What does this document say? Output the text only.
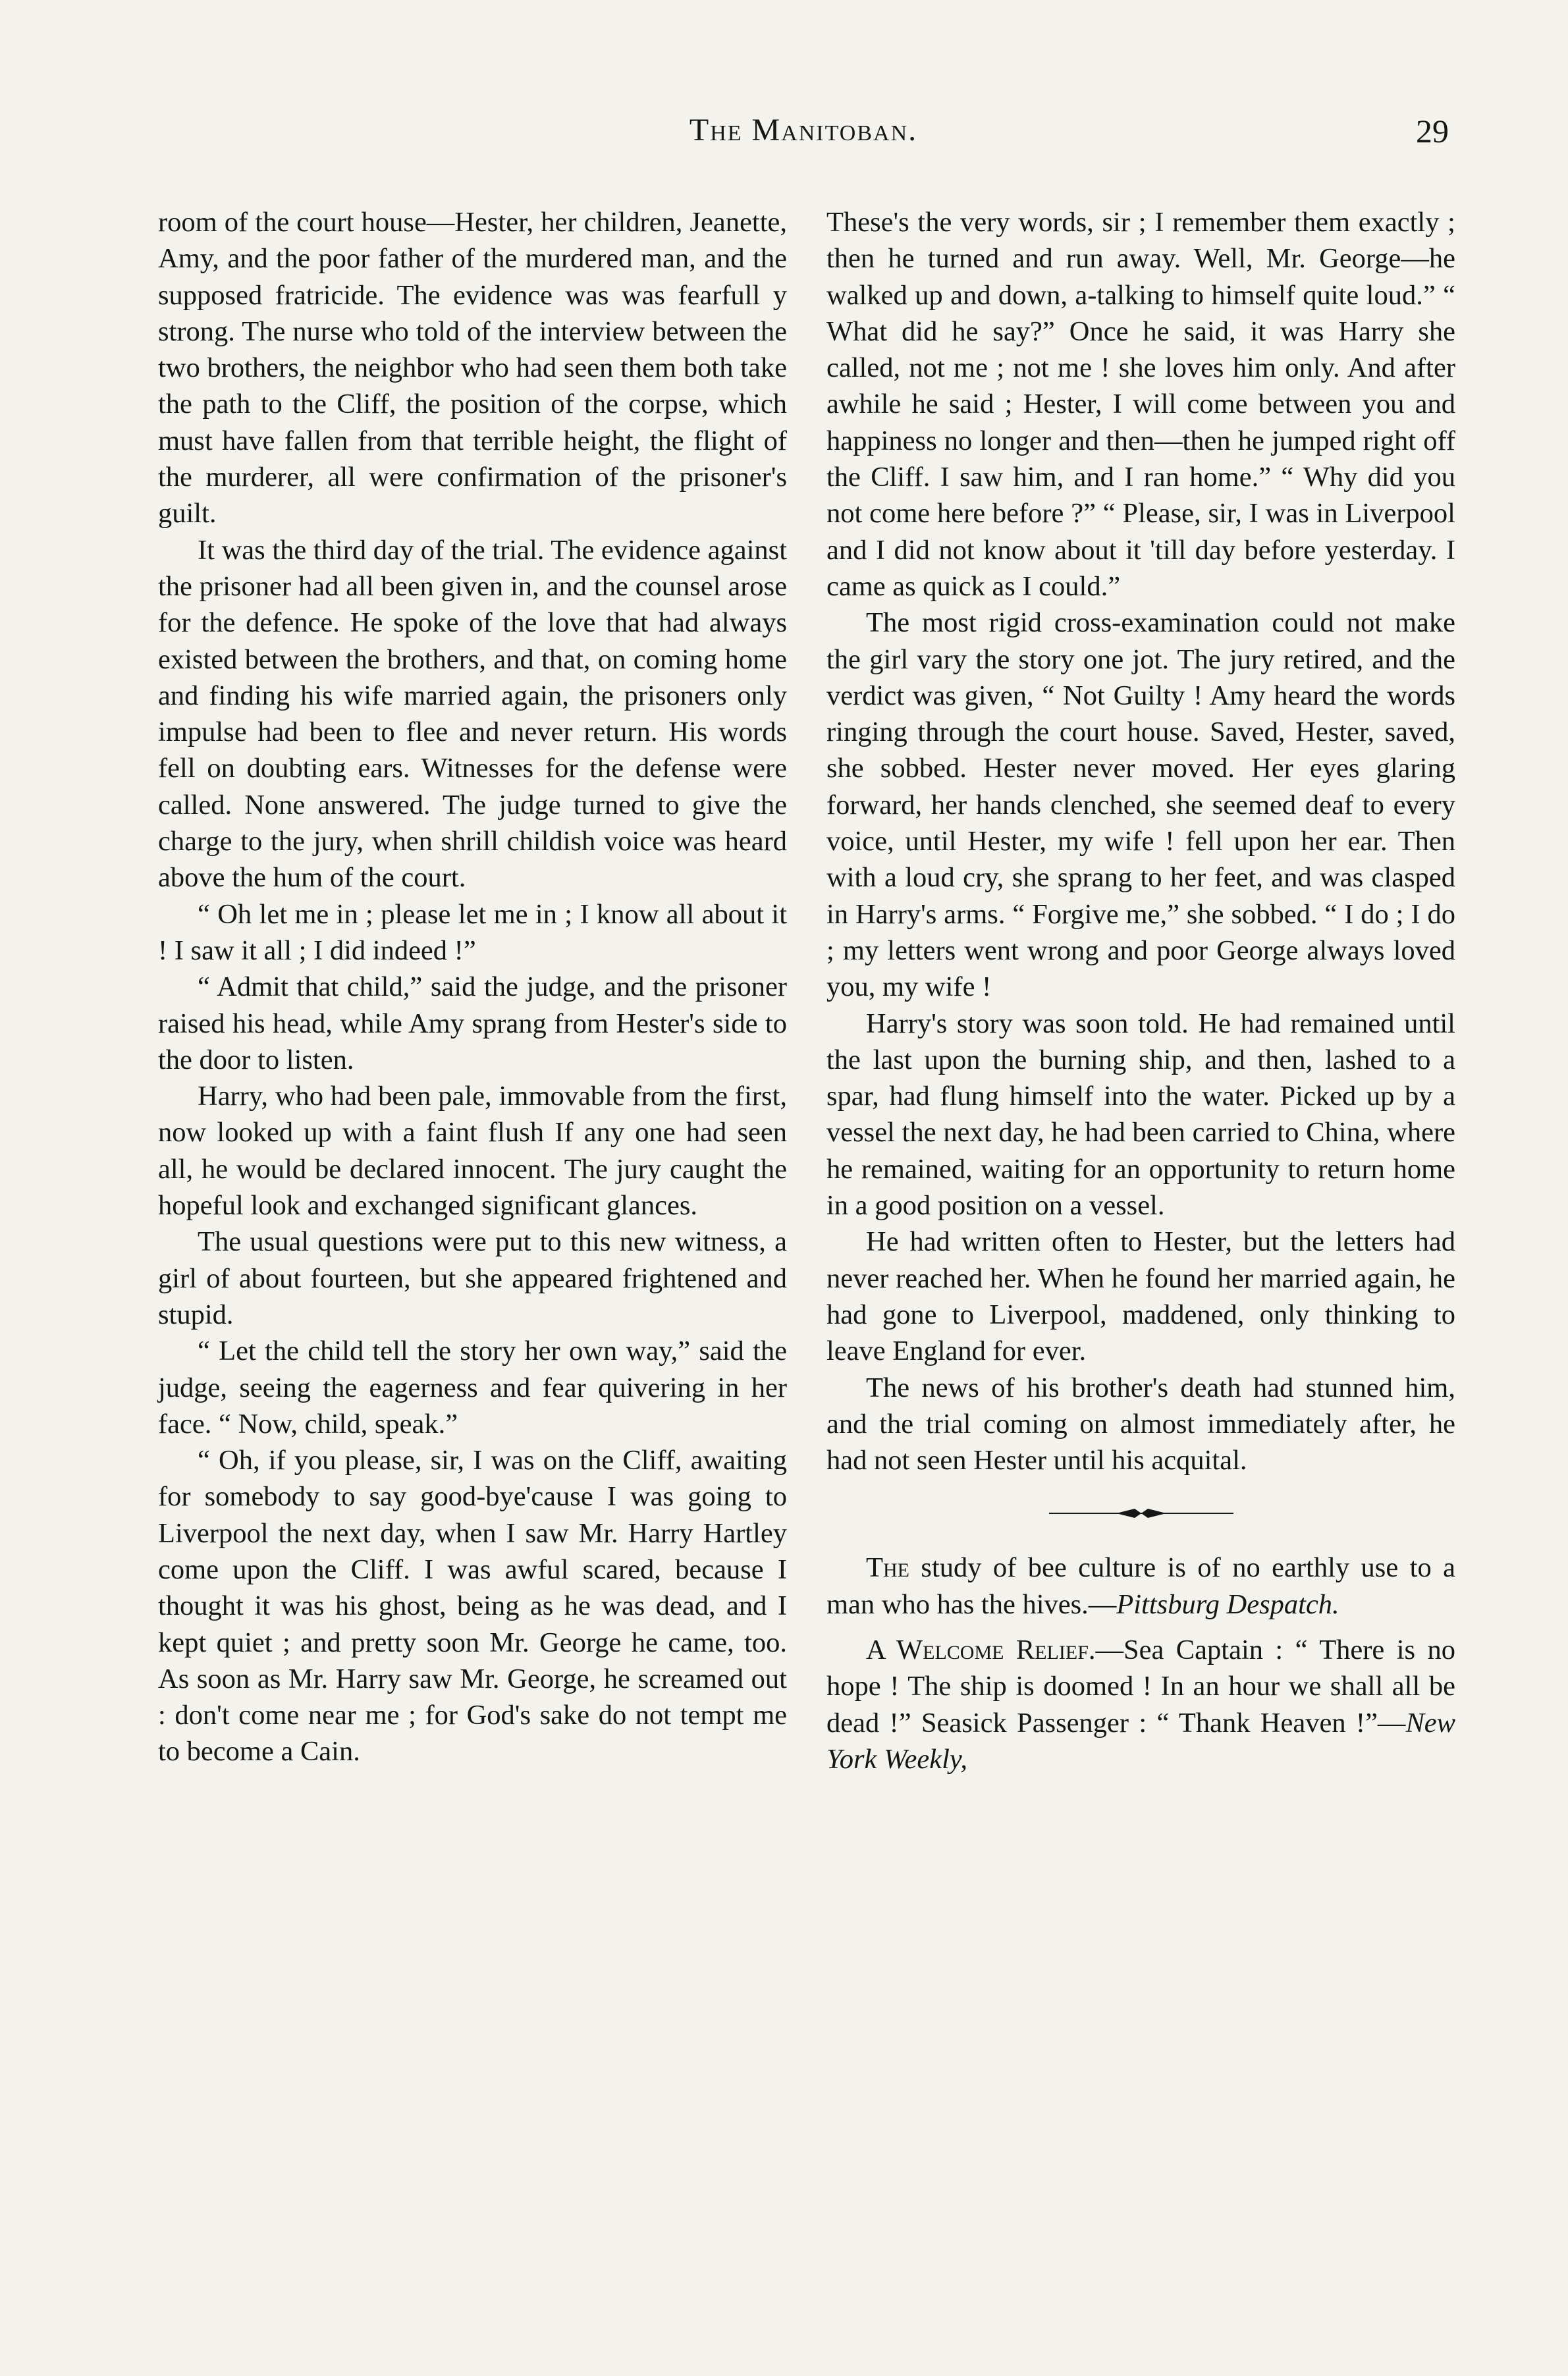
The Manitoban.	29

room of the court house—Hester, her children, Jeanette, Amy, and the poor father of the murdered man, and the supposed fratricide. The evidence was was fearfull y strong. The nurse who told of the interview between the two brothers, the neighbor who had seen them both take the path to the Cliff, the position of the corpse, which must have fallen from that terrible height, the flight of the murderer, all were confirmation of the prisoner's guilt.

It was the third day of the trial. The evidence against the prisoner had all been given in, and the counsel arose for the defence. He spoke of the love that had always existed between the brothers, and that, on coming home and finding his wife married again, the prisoners only impulse had been to flee and never return. His words fell on doubting ears. Witnesses for the defense were called. None answered. The judge turned to give the charge to the jury, when shrill childish voice was heard above the hum of the court.

“ Oh let me in ; please let me in ; I know all about it ! I saw it all ; I did indeed !”

“ Admit that child,” said the judge, and the prisoner raised his head, while Amy sprang from Hester's side to the door to listen.

Harry, who had been pale, immovable from the first, now looked up with a faint flush If any one had seen all, he would be declared innocent. The jury caught the hopeful look and exchanged significant glances.

The usual questions were put to this new witness, a girl of about fourteen, but she appeared frightened and stupid.

“ Let the child tell the story her own way,” said the judge, seeing the eagerness and fear quivering in her face. “ Now, child, speak.”

“ Oh, if you please, sir, I was on the Cliff, awaiting for somebody to say good-bye'cause I was going to Liverpool the next day, when I saw Mr. Harry Hartley come upon the Cliff. I was awful scared, because I thought it was his ghost, being as he was dead, and I kept quiet ; and pretty soon Mr. George he came, too. As soon as Mr. Harry saw Mr. George, he screamed out : don't come near me ; for God's sake do not tempt me to become a Cain.

These's the very words, sir ; I remember them exactly ; then he turned and run away. Well, Mr. George—he walked up and down, a-talking to himself quite loud.” “ What did he say?” Once he said, it was Harry she called, not me ; not me ! she loves him only. And after awhile he said ; Hester, I will come between you and happiness no longer and then—then he jumped right off the Cliff. I saw him, and I ran home.” “ Why did you not come here before ?” “ Please, sir, I was in Liverpool and I did not know about it 'till day before yesterday. I came as quick as I could.”

The most rigid cross-examination could not make the girl vary the story one jot. The jury retired, and the verdict was given, “ Not Guilty ! Amy heard the words ringing through the court house. Saved, Hester, saved, she sobbed. Hester never moved. Her eyes glaring forward, her hands clenched, she seemed deaf to every voice, until Hester, my wife ! fell upon her ear. Then with a loud cry, she sprang to her feet, and was clasped in Harry's arms. “ Forgive me,” she sobbed. “ I do ; I do ; my letters went wrong and poor George always loved you, my wife !

Harry's story was soon told. He had remained until the last upon the burning ship, and then, lashed to a spar, had flung himself into the water. Picked up by a vessel the next day, he had been carried to China, where he remained, waiting for an opportunity to return home in a good position on a vessel.

He had written often to Hester, but the letters had never reached her. When he found her married again, he had gone to Liverpool, maddened, only thinking to leave England for ever.

The news of his brother's death had stunned him, and the trial coming on almost immediately after, he had not seen Hester until his acquital.

The study of bee culture is of no earthly use to a man who has the hives.—Pittsburg Despatch.

A Welcome Relief.—Sea Captain : “ There is no hope ! The ship is doomed ! In an hour we shall all be dead !” Seasick Passenger : “ Thank Heaven !”—New York Weekly,
